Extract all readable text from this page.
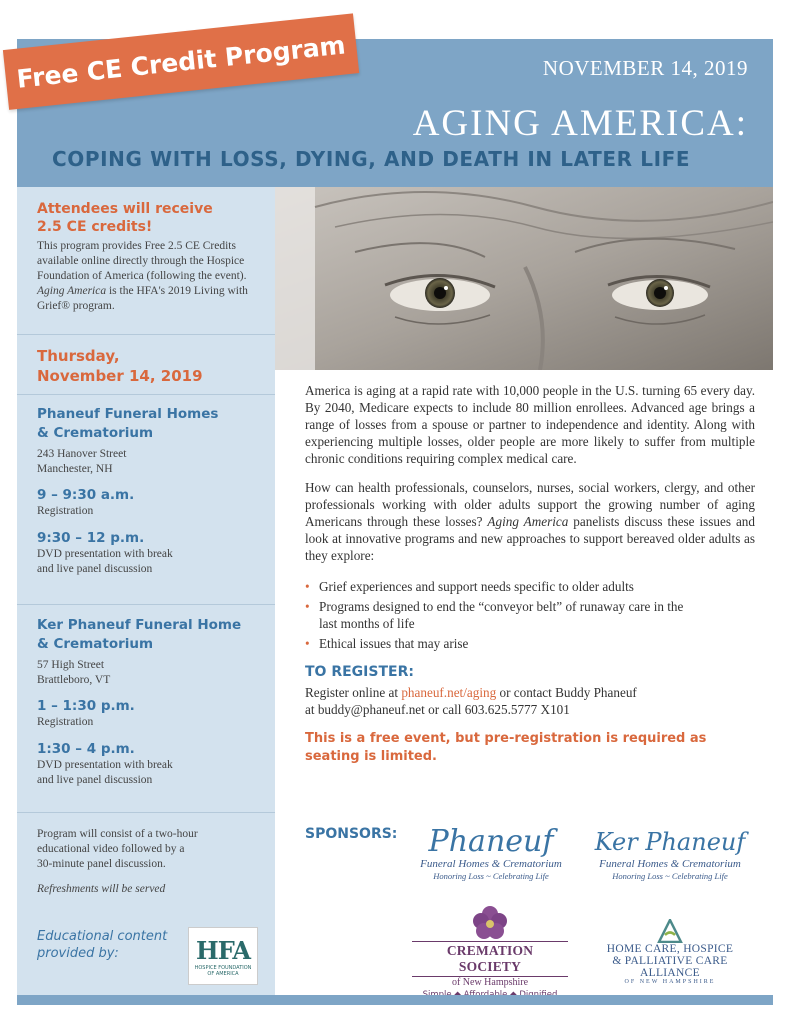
Free CE Credit Program	NOVEMBER 14, 2019
AGING AMERICA:
COPING WITH LOSS, DYING, AND DEATH IN LATER LIFE
Attendees will receive
2.5 CE credits!
This program provides Free 2.5 CE Credits
available online directly through the Hospice
Foundation of America (following the event).
Aging America is the HFA's 2019 Living with
Grief® program.
Thursday,
November 14, 2019
Phaneuf Funeral Homes
& Crematorium
243 Hanover Street
Manchester, NH
9 – 9:30 a.m.
Registration
9:30 – 12 p.m.
DVD presentation with break
and live panel discussion
Ker Phaneuf Funeral Home
& Crematorium
57 High Street
Brattleboro, VT
1 – 1:30 p.m.
Registration
1:30 – 4 p.m.
DVD presentation with break
and live panel discussion
Program will consist of a two-hour
educational video followed by a
30-minute panel discussion.
Refreshments will be served
Educational content
provided by:	HFA
HOSPICE FOUNDATION
OF AMERICA

America is aging at a rapid rate with 10,000 people in the U.S. turning 65 every day. By 2040, Medicare expects to include 80 million enrollees. Advanced age brings a range of losses from a spouse or partner to independence and identity. Along with experiencing multiple losses, older people are more likely to suffer from multiple chronic conditions requiring complex medical care.

How can health professionals, counselors, nurses, social workers, clergy, and other professionals working with older adults support the growing number of aging Americans through these losses? Aging America panelists discuss these issues and look at innovative programs and new approaches to support bereaved older adults as they explore:

• Grief experiences and support needs specific to older adults
• Programs designed to end the “conveyor belt” of runaway care in the last months of life
• Ethical issues that may arise
TO REGISTER:

Register online at phaneuf.net/aging or contact Buddy Phaneuf

at buddy@phaneuf.net or call 603.625.5777 X101

This is a free event, but pre-registration is required as seating is limited.
SPONSORS:	Phaneuf
Funeral Homes & Crematorium
Honoring Loss ~ Celebrating Life
Ker Phaneuf
Funeral Homes & Crematorium
Honoring Loss ~ Celebrating Life
CREMATION SOCIETY
of New Hampshire
HOME CARE, HOSPICE
& PALLIATIVE CARE ALLIANCE
OF NEW HAMPSHIRE
